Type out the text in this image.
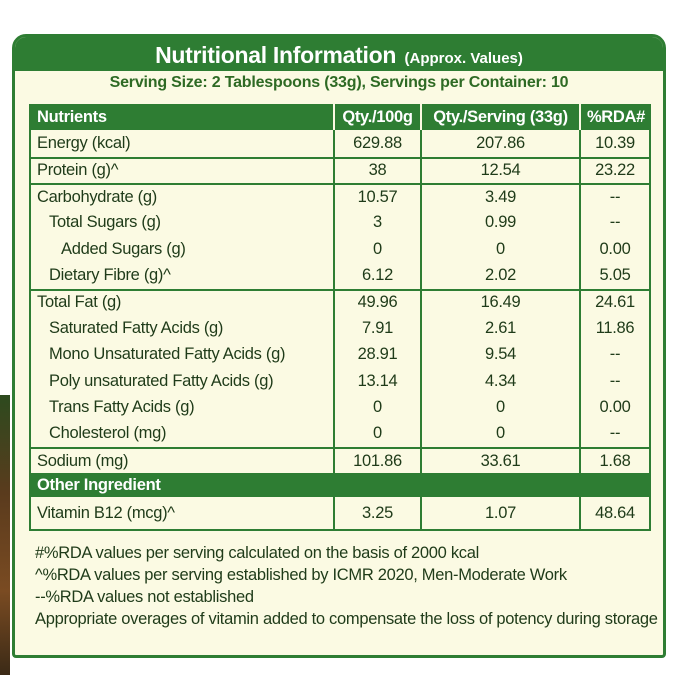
Nutritional Information (Approx. Values)
Serving Size: 2 Tablespoons (33g), Servings per Container: 10
Nutrients	Qty./100g	Qty./Serving (33g)	%RDA#
Energy (kcal)	629.88	207.86	10.39
Protein (g)^	38	12.54	23.22
Carbohydrate (g)	10.57	3.49	--
Total Sugars (g)	3	0.99	--
Added Sugars (g)	0	0	0.00
Dietary Fibre (g)^	6.12	2.02	5.05
Total Fat (g)	49.96	16.49	24.61
Saturated Fatty Acids (g)	7.91	2.61	11.86
Mono Unsaturated Fatty Acids (g)	28.91	9.54	--
Poly unsaturated Fatty Acids (g)	13.14	4.34	--
Trans Fatty Acids (g)	0	0	0.00
Cholesterol (mg)	0	0	--
Sodium (mg)	101.86	33.61	1.68
Other Ingredient
Vitamin B12 (mcg)^	3.25	1.07	48.64
#%RDA values per serving calculated on the basis of 2000 kcal
^%RDA values per serving established by ICMR 2020, Men-Moderate Work
--%RDA values not established
Appropriate overages of vitamin added to compensate the loss of potency during storage
